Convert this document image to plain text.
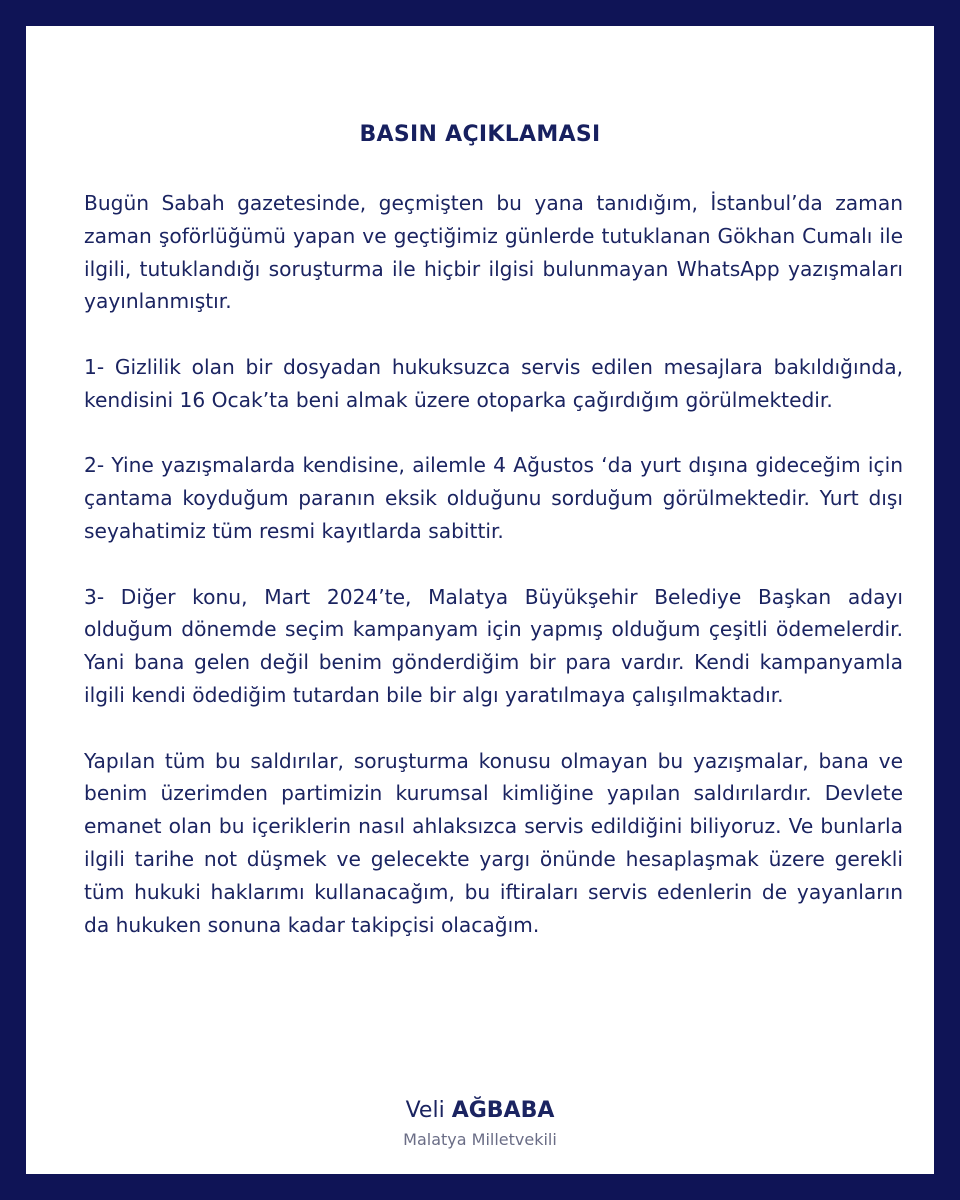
BASIN AÇIKLAMASI

Bugün Sabah gazetesinde, geçmişten bu yana tanıdığım, İstanbul’da zaman zaman şoförlüğümü yapan ve geçtiğimiz günlerde tutuklanan Gökhan Cumalı ile ilgili, tutuklandığı soruşturma ile hiçbir ilgisi bulunmayan WhatsApp yazışmaları yayınlanmıştır.

1- Gizlilik olan bir dosyadan hukuksuzca servis edilen mesajlara bakıldığında, kendisini 16 Ocak’ta beni almak üzere otoparka çağırdığım görülmektedir.

2- Yine yazışmalarda kendisine, ailemle 4 Ağustos ‘da yurt dışına gideceğim için çantama koyduğum paranın eksik olduğunu sorduğum görülmektedir. Yurt dışı seyahatimiz tüm resmi kayıtlarda sabittir.

3- Diğer konu, Mart 2024’te, Malatya Büyükşehir Belediye Başkan adayı olduğum dönemde seçim kampanyam için yapmış olduğum çeşitli ödemelerdir. Yani bana gelen değil benim gönderdiğim bir para vardır. Kendi kampanyamla ilgili kendi ödediğim tutardan bile bir algı yaratılmaya çalışılmaktadır.

Yapılan tüm bu saldırılar, soruşturma konusu olmayan bu yazışmalar, bana ve benim üzerimden partimizin kurumsal kimliğine yapılan saldırılardır. Devlete emanet olan bu içeriklerin nasıl ahlaksızca servis edildiğini biliyoruz. Ve bunlarla ilgili tarihe not düşmek ve gelecekte yargı önünde hesaplaşmak üzere gerekli tüm hukuki haklarımı kullanacağım, bu iftiraları servis edenlerin de yayanların da hukuken sonuna kadar takipçisi olacağım.

Veli AĞBABA
Malatya Milletvekili
